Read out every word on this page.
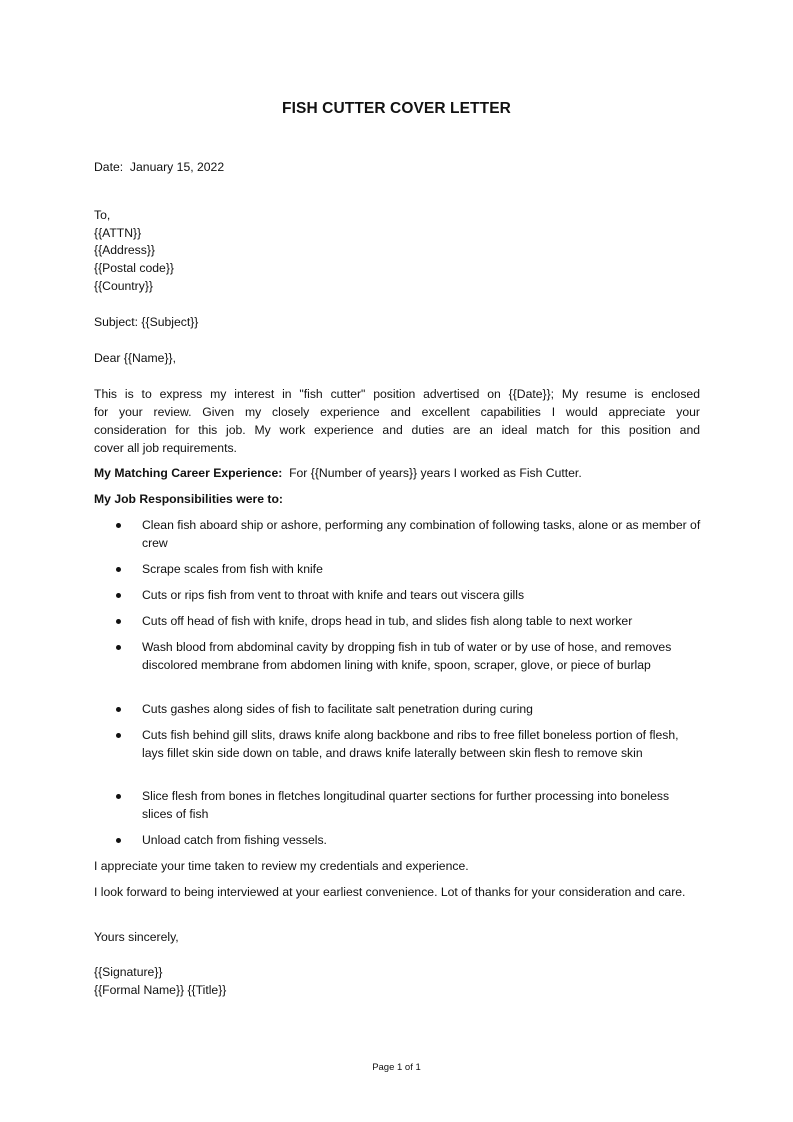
FISH CUTTER COVER LETTER
Date: January 15, 2022
To,
{{ATTN}}
{{Address}}
{{Postal code}}
{{Country}}
Subject: {{Subject}}
Dear {{Name}},
This is to express my interest in "fish cutter" position advertised on {{Date}}; My resume is enclosed
for your review. Given my closely experience and excellent capabilities I would appreciate your
consideration for this job. My work experience and duties are an ideal match for this position and
cover all job requirements.
My Matching Career Experience: For {{Number of years}} years I worked as Fish Cutter.
My Job Responsibilities were to:
Clean fish aboard ship or ashore, performing any combination of following tasks, alone or as member of crew
Scrape scales from fish with knife
Cuts or rips fish from vent to throat with knife and tears out viscera gills
Cuts off head of fish with knife, drops head in tub, and slides fish along table to next worker
Wash blood from abdominal cavity by dropping fish in tub of water or by use of hose, and removes discolored membrane from abdomen lining with knife, spoon, scraper, glove, or piece of burlap
Cuts gashes along sides of fish to facilitate salt penetration during curing
Cuts fish behind gill slits, draws knife along backbone and ribs to free fillet boneless portion of flesh, lays fillet skin side down on table, and draws knife laterally between skin flesh to remove skin
Slice flesh from bones in fletches longitudinal quarter sections for further processing into boneless slices of fish
Unload catch from fishing vessels.
I appreciate your time taken to review my credentials and experience.
I look forward to being interviewed at your earliest convenience. Lot of thanks for your consideration and care.
Yours sincerely,
{{Signature}}
{{Formal Name}} {{Title}}
Page 1 of 1
